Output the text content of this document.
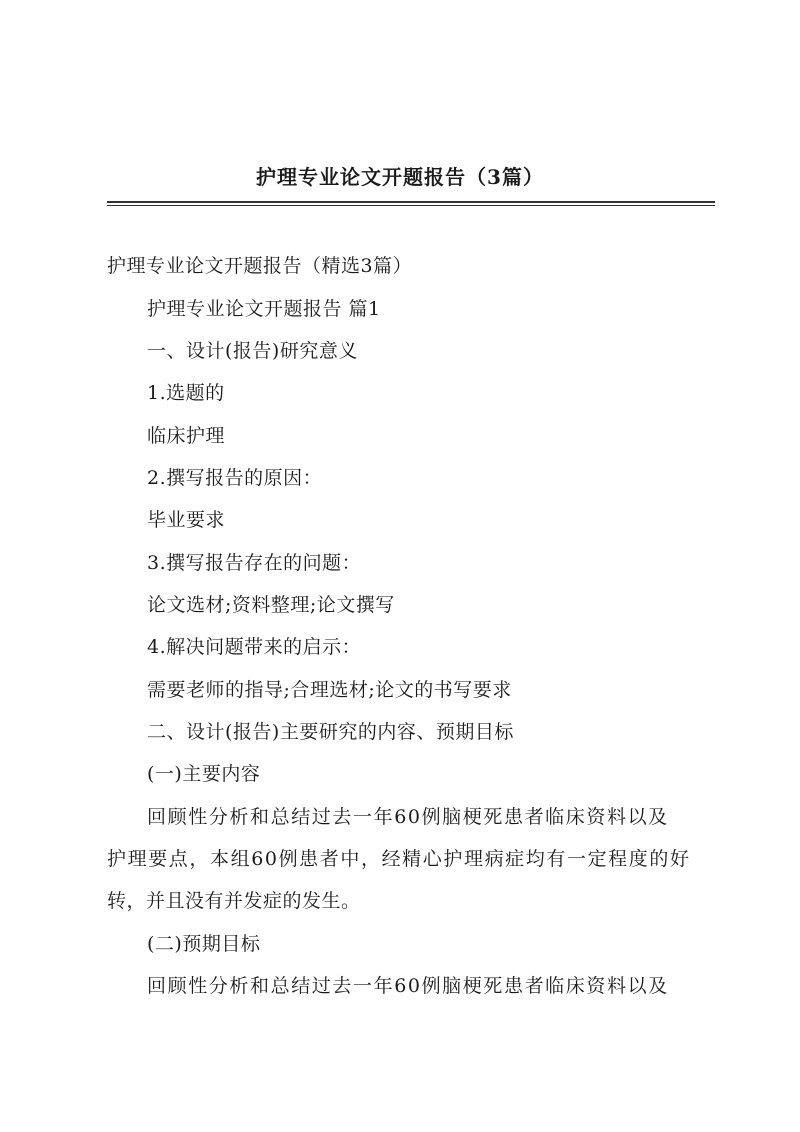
护理专业论文开题报告（3篇）
护理专业论文开题报告（精选3篇）
护理专业论文开题报告 篇1
一、设计(报告)研究意义
1.选题的
临床护理
2.撰写报告的原因：
毕业要求
3.撰写报告存在的问题：
论文选材;资料整理;论文撰写
4.解决问题带来的启示：
需要老师的指导;合理选材;论文的书写要求
二、设计(报告)主要研究的内容、预期目标
(一)主要内容
回顾性分析和总结过去一年60例脑梗死患者临床资料以及
护理要点，本组60例患者中，经精心护理病症均有一定程度的好
转，并且没有并发症的发生。
(二)预期目标
回顾性分析和总结过去一年60例脑梗死患者临床资料以及
